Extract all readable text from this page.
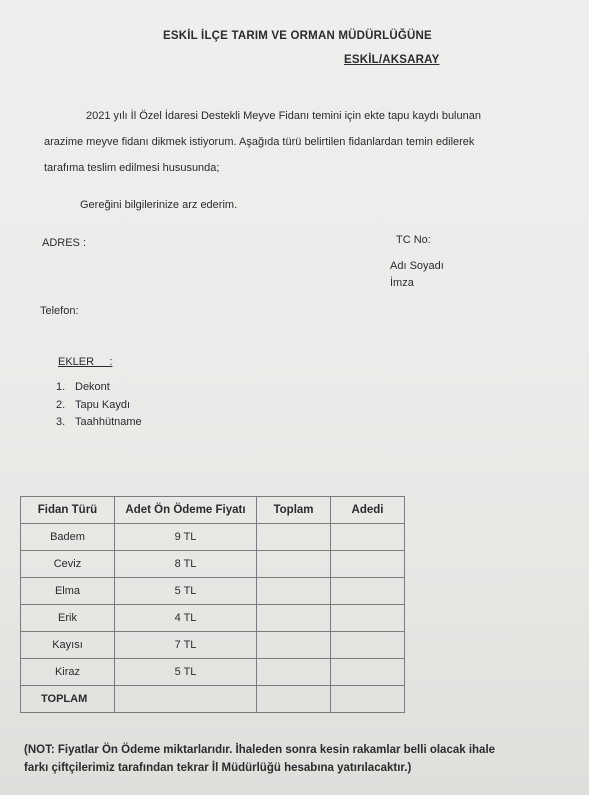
ESKİL İLÇE TARIM VE ORMAN MÜDÜRLÜĞÜNE
ESKİL/AKSARAY
2021 yılı İl Özel İdaresi Destekli Meyve Fidanı temini için ekte tapu kaydı bulunan
arazime meyve fidanı dikmek istiyorum. Aşağıda türü belirtilen fidanlardan temin edilerek
tarafıma teslim edilmesi hususunda;
Gereğini bilgilerinize arz ederim.
ADRES :	TC No:
Adı Soyadı
İmza
Telefon:
EKLER     :
1. Dekont
2. Tapu Kaydı
3. Taahhütname
Fidan Türü	Adet Ön Ödeme Fiyatı	Toplam	Adedi
Badem	9 TL		
Ceviz	8 TL		
Elma	5 TL		
Erik	4 TL		
Kayısı	7 TL		
Kiraz	5 TL		
TOPLAM			
(NOT: Fiyatlar Ön Ödeme miktarlarıdır. İhaleden sonra kesin rakamlar belli olacak ihale
farkı çiftçilerimiz tarafından tekrar İl Müdürlüğü hesabına yatırılacaktır.)
